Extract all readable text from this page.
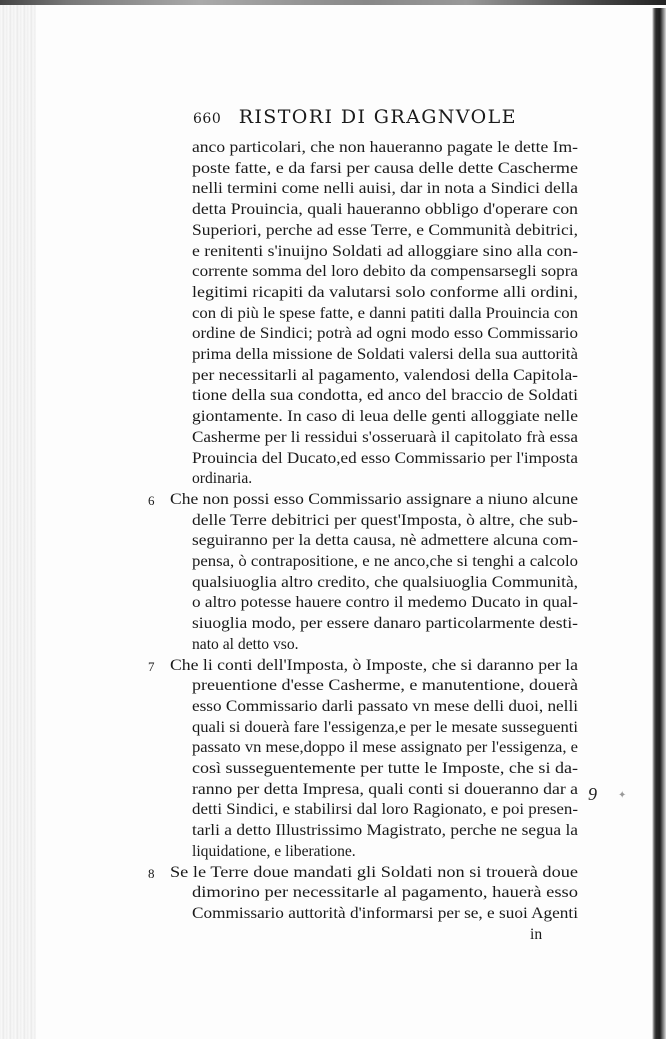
660 RISTORI DI GRAGNVOLE
anco particolari, che non haueranno pagate le dette Im-
poste fatte, e da farsi per causa delle dette Cascherme
nelli termini come nelli auisi, dar in nota a Sindici della
detta Prouincia, quali haueranno obbligo d'operare con
Superiori, perche ad esse Terre, e Communità debitrici,
e renitenti s'inuijno Soldati ad alloggiare sino alla con-
corrente somma del loro debito da compensarsegli sopra
legitimi ricapiti da valutarsi solo conforme alli ordini,
con di più le spese fatte, e danni patiti dalla Prouincia con
ordine de Sindici; potrà ad ogni modo esso Commissario
prima della missione de Soldati valersi della sua auttorità
per necessitarli al pagamento, valendosi della Capitola-
tione della sua condotta, ed anco del braccio de Soldati
giontamente. In caso di leua delle genti alloggiate nelle
Casherme per li ressidui s'osseruarà il capitolato frà essa
Prouincia del Ducato,ed esso Commissario per l'imposta
ordinaria.
6 Che non possi esso Commissario assignare a niuno alcune
delle Terre debitrici per quest'Imposta, ò altre, che sub-
seguiranno per la detta causa, nè admettere alcuna com-
pensa, ò contrapositione, e ne anco,che si tenghi a calcolo
qualsiuoglia altro credito, che qualsiuoglia Communità,
o altro potesse hauere contro il medemo Ducato in qual-
siuoglia modo, per essere danaro particolarmente desti-
nato al detto vso.
7 Che li conti dell'Imposta, ò Imposte, che si daranno per la
preuentione d'esse Casherme, e manutentione, douerà
esso Commissario darli passato vn mese delli duoi, nelli
quali si douerà fare l'essigenza,e per le mesate susseguenti
passato vn mese,doppo il mese assignato per l'essigenza, e
così susseguentemente per tutte le Imposte, che si da-
ranno per detta Impresa, quali conti si doueranno dar a
detti Sindici, e stabilirsi dal loro Ragionato, e poi presen-
tarli a detto Illustrissimo Magistrato, perche ne segua la
liquidatione, e liberatione.
8 Se le Terre doue mandati gli Soldati non si trouerà doue
dimorino per necessitarle al pagamento, hauerà esso
Commissario auttorità d'informarsi per se, e suoi Agenti
in
9 ✦
